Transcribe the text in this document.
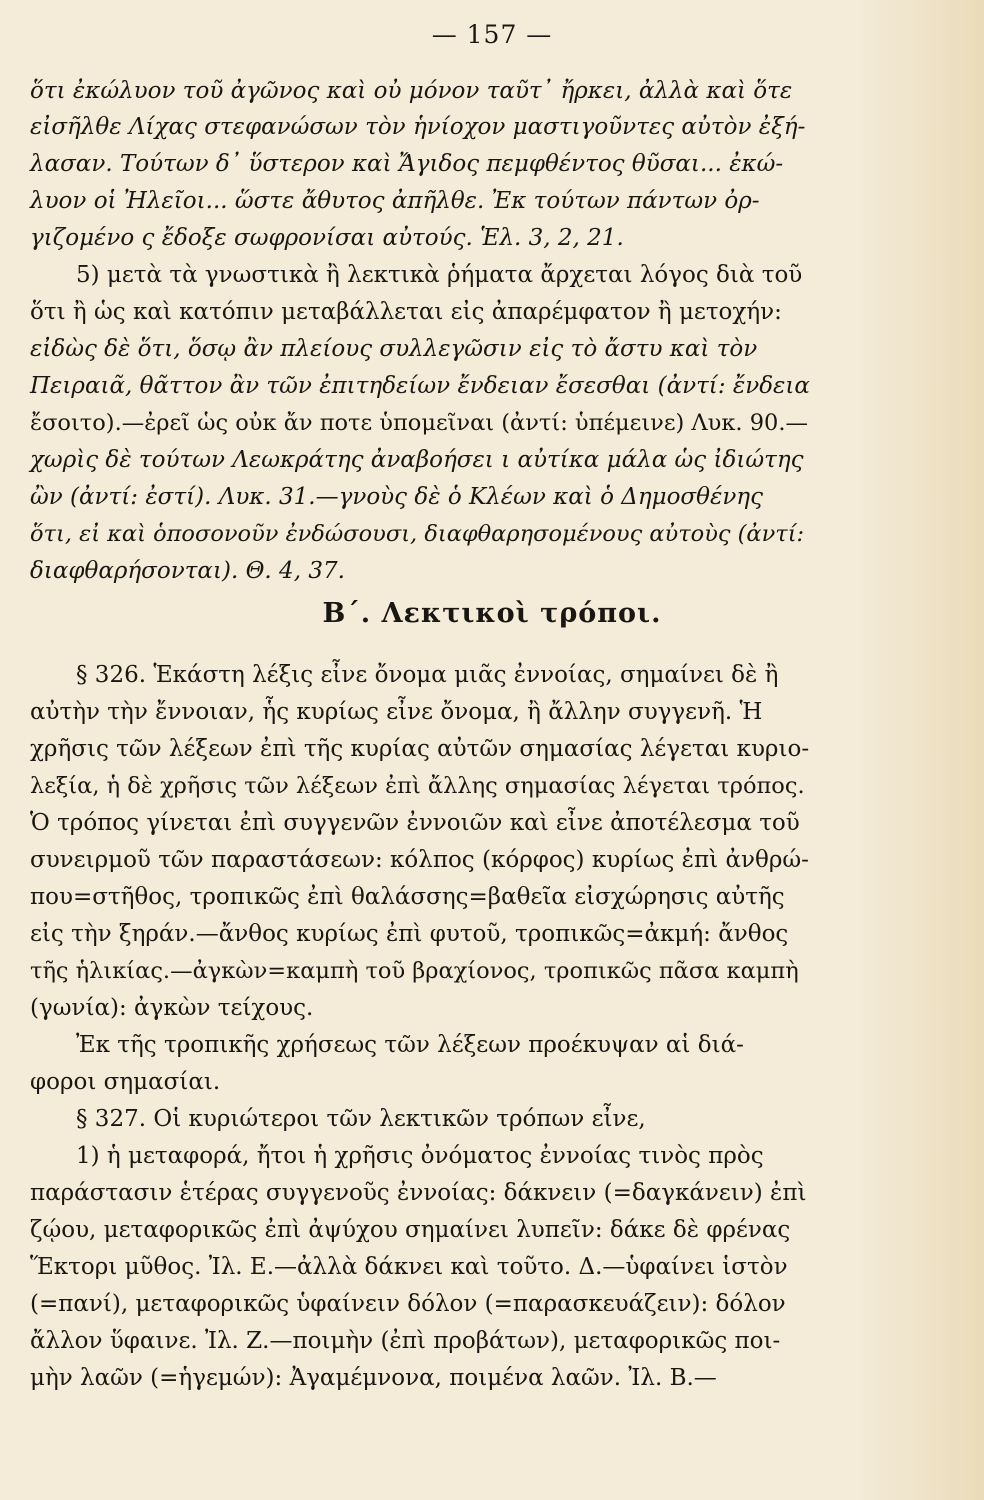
— 157 —
ὅτι ἐκώλυον τοῦ ἀγῶνος καὶ οὐ μόνον ταῦτ᾽ ἤρκει, ἀλλὰ καὶ ὅτε
εἰσῆλθε Λίχας στεφανώσων τὸν ἡνίοχον μαστιγοῦντες αὐτὸν ἐξή-
λασαν. Τούτων δ᾽ ὕστερον καὶ Ἄγιδος πεμφθέντος θῦσαι... ἐκώ-
λυον οἱ Ἠλεῖοι... ὥστε ἄθυτος ἀπῆλθε. Ἐκ τούτων πάντων ὀρ-
γιζομένο ς ἔδοξε σωφρονίσαι αὐτούς. Ἑλ. 3, 2, 21.
5) μετὰ τὰ γνωστικὰ ἢ λεκτικὰ ῥήματα ἄρχεται λόγος διὰ τοῦ
ὅτι ἢ ὡς καὶ κατόπιν μεταβάλλεται εἰς ἀπαρέμφατον ἢ μετοχήν:
εἰδὼς δὲ ὅτι, ὅσῳ ἂν πλείους συλλεγῶσιν εἰς τὸ ἄστυ καὶ τὸν
Πειραιᾶ, θᾶττον ἂν τῶν ἐπιτηδείων ἔνδειαν ἔσεσθαι (ἀντί: ἔνδεια
ἔσοιτο).—ἐρεῖ ὡς οὐκ ἄν ποτε ὑπομεῖναι (ἀντί: ὑπέμεινε) Λυκ. 90.—
χωρὶς δὲ τούτων Λεωκράτης ἀναβοήσει ι αὐτίκα μάλα ὡς ἰδιώτης
ὢν (ἀντί: ἐστί). Λυκ. 31.—γνοὺς δὲ ὁ Κλέων καὶ ὁ Δημοσθένης
ὅτι, εἰ καὶ ὁποσονοῦν ἐνδώσουσι, διαφθαρησομένους αὐτοὺς (ἀντί:
διαφθαρήσονται). Θ. 4, 37.
Β΄. Λεκτικοὶ τρόποι.
§ 326. Ἑκάστη λέξις εἶνε ὄνομα μιᾶς ἐννοίας, σημαίνει δὲ ἢ
αὐτὴν τὴν ἔννοιαν, ἧς κυρίως εἶνε ὄνομα, ἢ ἄλλην συγγενῆ. Ἡ
χρῆσις τῶν λέξεων ἐπὶ τῆς κυρίας αὐτῶν σημασίας λέγεται κυριο-
λεξία, ἡ δὲ χρῆσις τῶν λέξεων ἐπὶ ἄλλης σημασίας λέγεται τρόπος.
Ὁ τρόπος γίνεται ἐπὶ συγγενῶν ἐννοιῶν καὶ εἶνε ἀποτέλεσμα τοῦ
συνειρμοῦ τῶν παραστάσεων: κόλπος (κόρφος) κυρίως ἐπὶ ἀνθρώ-
που=στῆθος, τροπικῶς ἐπὶ θαλάσσης=βαθεῖα εἰσχώρησις αὐτῆς
εἰς τὴν ξηράν.—ἄνθος κυρίως ἐπὶ φυτοῦ, τροπικῶς=ἀκμή: ἄνθος
τῆς ἡλικίας.—ἀγκὼν=καμπὴ τοῦ βραχίονος, τροπικῶς πᾶσα καμπὴ
(γωνία): ἀγκὼν τείχους.
Ἐκ τῆς τροπικῆς χρήσεως τῶν λέξεων προέκυψαν αἱ διά-
φοροι σημασίαι.
§ 327. Οἱ κυριώτεροι τῶν λεκτικῶν τρόπων εἶνε,
1) ἡ μεταφορά, ἤτοι ἡ χρῆσις ὀνόματος ἐννοίας τινὸς πρὸς
παράστασιν ἑτέρας συγγενοῦς ἐννοίας: δάκνειν (=δαγκάνειν) ἐπὶ
ζῴου, μεταφορικῶς ἐπὶ ἀψύχου σημαίνει λυπεῖν: δάκε δὲ φρένας
Ἕκτορι μῦθος. Ἰλ. Ε.—ἀλλὰ δάκνει καὶ τοῦτο. Δ.—ὑφαίνει ἱστὸν
(=πανί), μεταφορικῶς ὑφαίνειν δόλον (=παρασκευάζειν): δόλον
ἄλλον ὕφαινε. Ἰλ. Ζ.—ποιμὴν (ἐπὶ προβάτων), μεταφορικῶς ποι-
μὴν λαῶν (=ἡγεμών): Ἀγαμέμνονα, ποιμένα λαῶν. Ἰλ. Β.—
